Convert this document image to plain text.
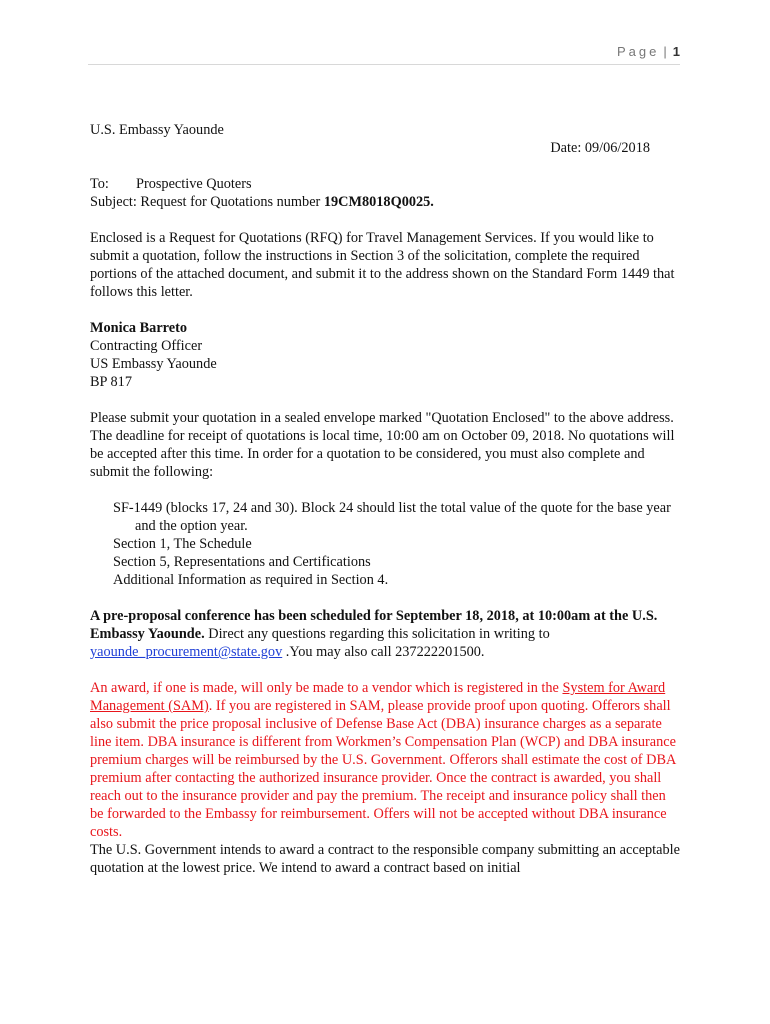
Page | 1

U.S. Embassy Yaounde

Date: 09/06/2018

To: Prospective Quoters

Subject: Request for Quotations number 19CM8018Q0025.

Enclosed is a Request for Quotations (RFQ) for Travel Management Services. If you would like to submit a quotation, follow the instructions in Section 3 of the solicitation, complete the required portions of the attached document, and submit it to the address shown on the Standard Form 1449 that follows this letter.

Monica Barreto

Contracting Officer

US Embassy Yaounde

BP 817

Please submit your quotation in a sealed envelope marked "Quotation Enclosed" to the above address. The deadline for receipt of quotations is local time, 10:00 am on October 09, 2018. No quotations will be accepted after this time. In order for a quotation to be considered, you must also complete and submit the following:

SF-1449 (blocks 17, 24 and 30). Block 24 should list the total value of the quote for the base year and the option year.

Section 1, The Schedule

Section 5, Representations and Certifications

Additional Information as required in Section 4.

A pre-proposal conference has been scheduled for September 18, 2018, at 10:00am at the U.S. Embassy Yaounde. Direct any questions regarding this solicitation in writing to yaounde_procurement@state.gov .You may also call 237222201500.

An award, if one is made, will only be made to a vendor which is registered in the System for Award Management (SAM). If you are registered in SAM, please provide proof upon quoting. Offerors shall also submit the price proposal inclusive of Defense Base Act (DBA) insurance charges as a separate line item. DBA insurance is different from Workmen’s Compensation Plan (WCP) and DBA insurance premium charges will be reimbursed by the U.S. Government. Offerors shall estimate the cost of DBA premium after contacting the authorized insurance provider. Once the contract is awarded, you shall reach out to the insurance provider and pay the premium. The receipt and insurance policy shall then be forwarded to the Embassy for reimbursement. Offers will not be accepted without DBA insurance costs.

The U.S. Government intends to award a contract to the responsible company submitting an acceptable quotation at the lowest price. We intend to award a contract based on initial
